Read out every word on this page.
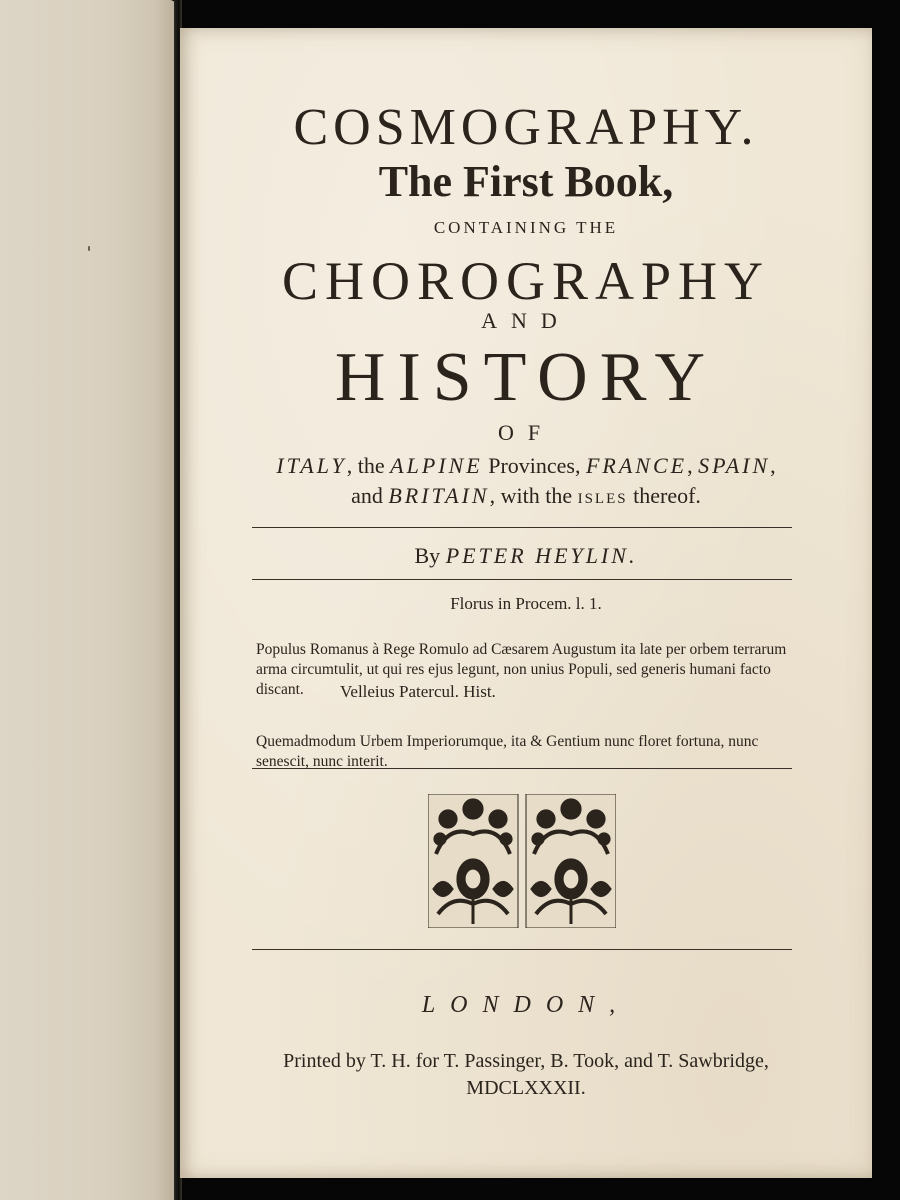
COSMOGRAPHY.

The First Book,

CONTAINING THE

CHOROGRAPHY

AND

HISTORY

OF

ITALY, the ALPINE Provinces, FRANCE, SPAIN,

and BRITAIN, with the ISLES thereof.

By PETER HEYLIN.

Florus in Procem. l. 1.

Populus Romanus à Rege Romulo ad Cæsarem Augustum ita late per orbem terrarum arma circumtulit, ut qui res ejus legunt, non unius Populi, sed generis humani facto discant.	Velleius Patercul. Hist.

Quemadmodum Urbem Imperiorumque, ita & Gentium nunc floret fortuna, nunc senescit, nunc interit.

LONDON,

Printed by T. H. for T. Passinger, B. Took, and T. Sawbridge, MDCLXXXII.
